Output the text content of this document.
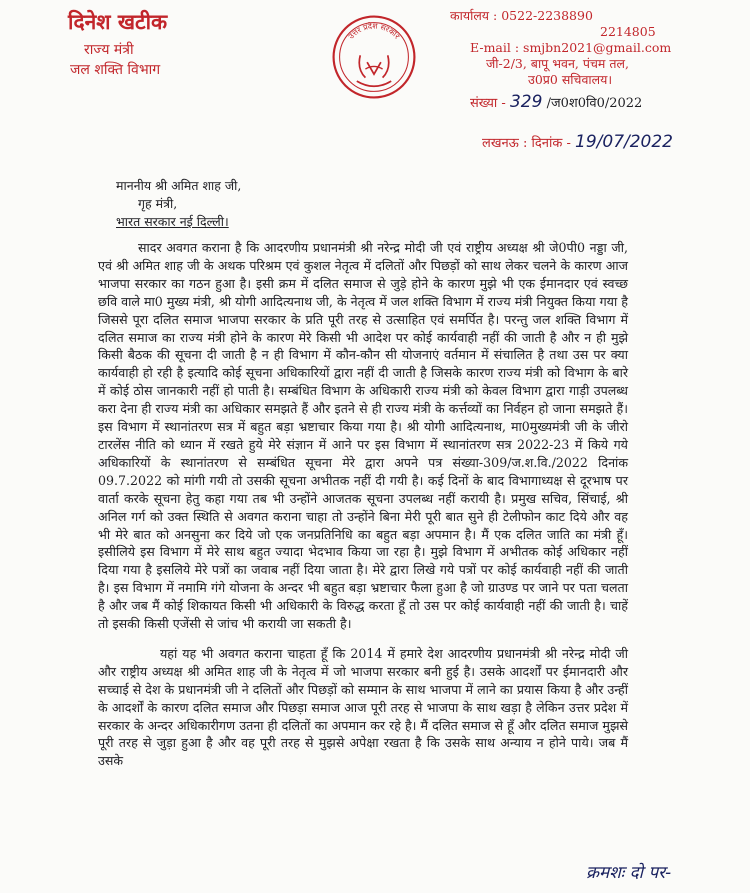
दिनेश खटीक
राज्य मंत्री
जल शक्ति विभाग
उत्तर प्रदेश सरकार
कार्यालय : 0522-2238890
2214805
E-mail : smjbn2021@gmail.com
जी-2/3, बापू भवन, पंचम तल,
उ0प्र0 सचिवालय।
संख्या - 329 /ज0श0वि0/2022
लखनऊ : दिनांक - 19/07/2022
माननीय श्री अमित शाह जी,
गृह मंत्री,
भारत सरकार नई दिल्ली।

सादर अवगत कराना है कि आदरणीय प्रधानमंत्री श्री नरेन्द्र मोदी जी एवं राष्ट्रीय अध्यक्ष श्री जे0पी0 नड्डा जी, एवं श्री अमित शाह जी के अथक परिश्रम एवं कुशल नेतृत्व में दलितों और पिछड़ों को साथ लेकर चलने के कारण आज भाजपा सरकार का गठन हुआ है। इसी क्रम में दलित समाज से जुड़े होने के कारण मुझे भी एक ईमानदार एवं स्वच्छ छवि वाले मा0 मुख्य मंत्री, श्री योगी आदित्यनाथ जी, के नेतृत्व में जल शक्ति विभाग में राज्य मंत्री नियुक्त किया गया है जिससे पूरा दलित समाज भाजपा सरकार के प्रति पूरी तरह से उत्साहित एवं समर्पित है। परन्तु जल शक्ति विभाग में दलित समाज का राज्य मंत्री होने के कारण मेरे किसी भी आदेश पर कोई कार्यवाही नहीं की जाती है और न ही मुझे किसी बैठक की सूचना दी जाती है न ही विभाग में कौन-कौन सी योजनाएं वर्तमान में संचालित है तथा उस पर क्या कार्यवाही हो रही है इत्यादि कोई सूचना अधिकारियों द्वारा नहीं दी जाती है जिसके कारण राज्य मंत्री को विभाग के बारे में कोई ठोस जानकारी नहीं हो पाती है। सम्बंधित विभाग के अधिकारी राज्य मंत्री को केवल विभाग द्वारा गाड़ी उपलब्ध करा देना ही राज्य मंत्री का अधिकार समझते हैं और इतने से ही राज्य मंत्री के कर्त्तव्यों का निर्वहन हो जाना समझते हैं। इस विभाग में स्थानांतरण सत्र में बहुत बड़ा भ्रष्टाचार किया गया है। श्री योगी आदित्यनाथ, मा0मुख्यमंत्री जी के जीरो टारलेंस नीति को ध्यान में रखते हुये मेरे संज्ञान में आने पर इस विभाग में स्थानांतरण सत्र 2022-23 में किये गये अधिकारियों के स्थानांतरण से सम्बंधित सूचना मेरे द्वारा अपने पत्र संख्या-309/ज.श.वि./2022 दिनांक 09.7.2022 को मांगी गयी तो उसकी सूचना अभीतक नहीं दी गयी है। कई दिनों के बाद विभागाध्यक्ष से दूरभाष पर वार्ता करके सूचना हेतु कहा गया तब भी उन्होंने आजतक सूचना उपलब्ध नहीं करायी है। प्रमुख सचिव, सिंचाई, श्री अनिल गर्ग को उक्त स्थिति से अवगत कराना चाहा तो उन्होंने बिना मेरी पूरी बात सुने ही टेलीफोन काट दिये और वह भी मेरे बात को अनसुना कर दिये जो एक जनप्रतिनिधि का बहुत बड़ा अपमान है। मैं एक दलित जाति का मंत्री हूँ। इसीलिये इस विभाग में मेरे साथ बहुत ज्यादा भेदभाव किया जा रहा है। मुझे विभाग में अभीतक कोई अधिकार नहीं दिया गया है इसलिये मेरे पत्रों का जवाब नहीं दिया जाता है। मेरे द्वारा लिखे गये पत्रों पर कोई कार्यवाही नहीं की जाती है। इस विभाग में नमामि गंगे योजना के अन्दर भी बहुत बड़ा भ्रष्टाचार फैला हुआ है जो ग्राउण्ड पर जाने पर पता चलता है और जब मैं कोई शिकायत किसी भी अधिकारी के विरुद्ध करता हूँ तो उस पर कोई कार्यवाही नहीं की जाती है। चाहें तो इसकी किसी एजेंसी से जांच भी करायी जा सकती है।

यहां यह भी अवगत कराना चाहता हूँ कि 2014 में हमारे देश आदरणीय प्रधानमंत्री श्री नरेन्द्र मोदी जी और राष्ट्रीय अध्यक्ष श्री अमित शाह जी के नेतृत्व में जो भाजपा सरकार बनी हुई है। उसके आदर्शों पर ईमानदारी और सच्चाई से देश के प्रधानमंत्री जी ने दलितों और पिछड़ों को सम्मान के साथ भाजपा में लाने का प्रयास किया है और उन्हीं के आदर्शों के कारण दलित समाज और पिछड़ा समाज आज पूरी तरह से भाजपा के साथ खड़ा है लेकिन उत्तर प्रदेश में सरकार के अन्दर अधिकारीगण उतना ही दलितों का अपमान कर रहे है। मैं दलित समाज से हूँ और दलित समाज मुझसे पूरी तरह से जुड़ा हुआ है और वह पूरी तरह से मुझसे अपेक्षा रखता है कि उसके साथ अन्याय न होने पाये। जब मैं उसके

क्रमशः दो पर-
